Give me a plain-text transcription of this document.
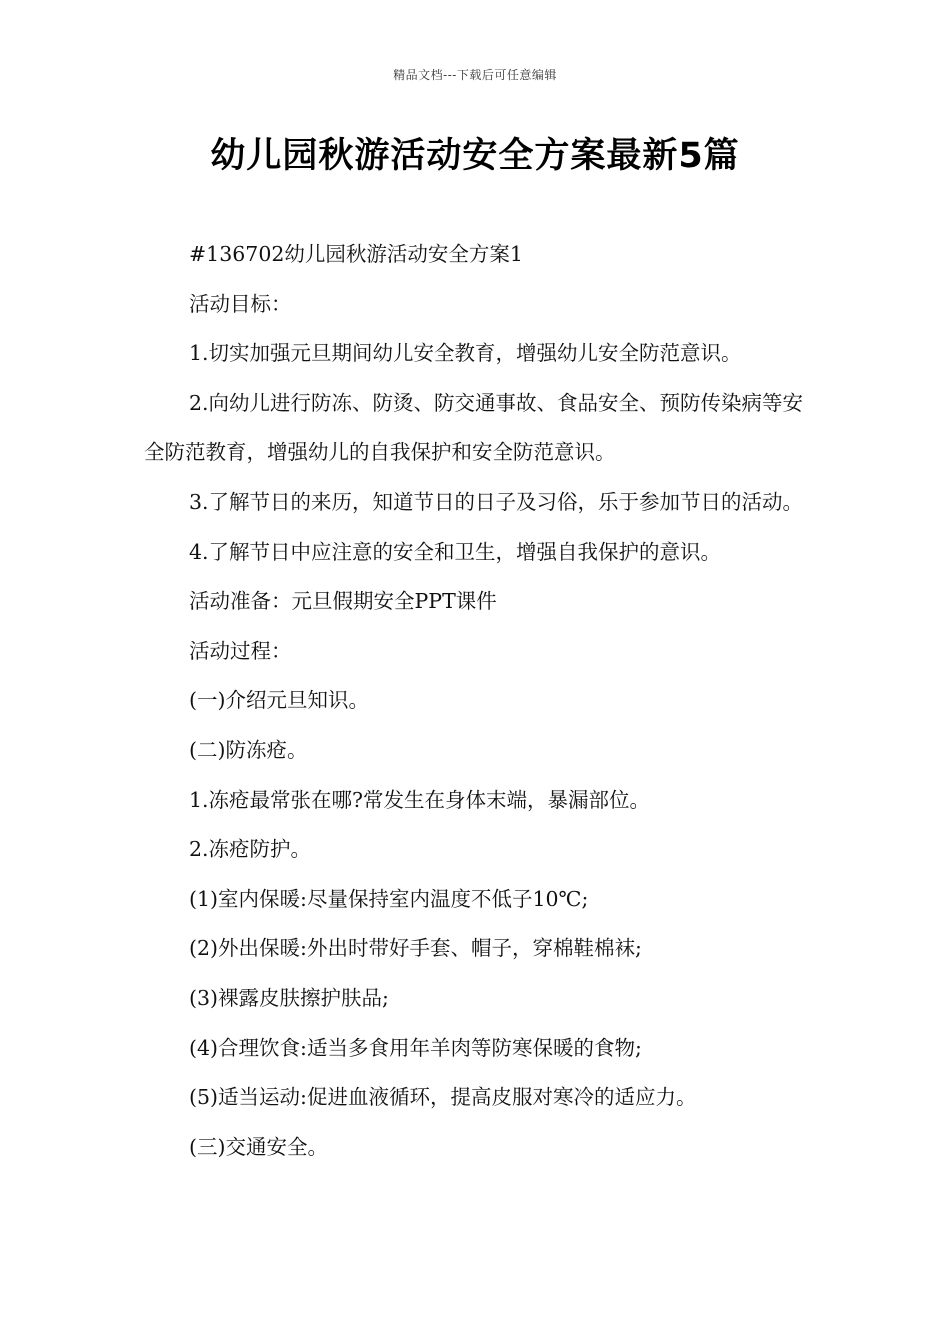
精品文档---下载后可任意编辑
幼儿园秋游活动安全方案最新5篇

#136702幼儿园秋游活动安全方案1

活动目标：

1.切实加强元旦期间幼儿安全教育，增强幼儿安全防范意识。

2.向幼儿进行防冻、防烫、防交通事故、食品安全、预防传染病等安全防范教育，增强幼儿的自我保护和安全防范意识。

3.了解节日的来历，知道节日的日子及习俗，乐于参加节日的活动。

4.了解节日中应注意的安全和卫生，增强自我保护的意识。

活动准备：元旦假期安全PPT课件

活动过程：

(一)介绍元旦知识。

(二)防冻疮。

1.冻疮最常张在哪?常发生在身体末端，暴漏部位。

2.冻疮防护。

(1)室内保暖:尽量保持室内温度不低子10℃;

(2)外出保暖:外出时带好手套、帽子，穿棉鞋棉袜;

(3)裸露皮肤擦护肤品;

(4)合理饮食:适当多食用年羊肉等防寒保暖的食物;

(5)适当运动:促进血液循环，提高皮服对寒冷的适应力。

(三)交通安全。
